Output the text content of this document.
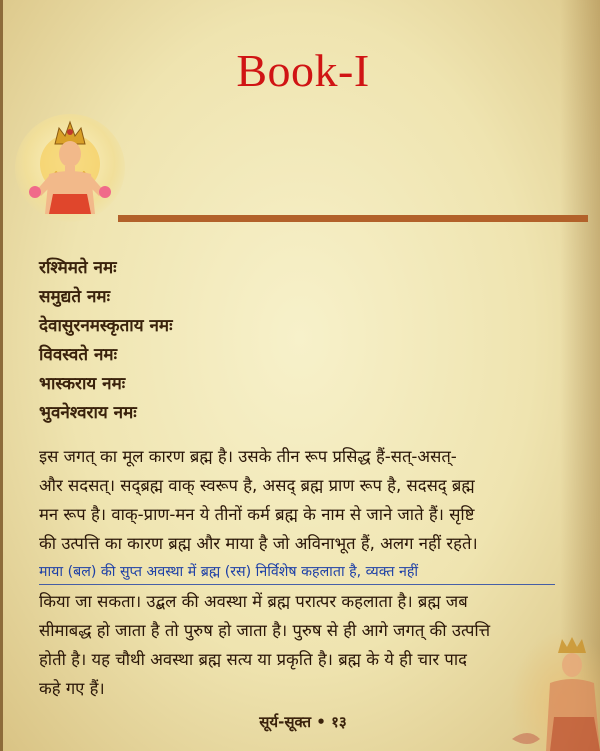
Book-I
रश्मिमते नमः
समुद्यते नमः
देवासुरनमस्कृताय नमः
विवस्वते नमः
भास्कराय नमः
भुवनेश्वराय नमः
इस जगत् का मूल कारण ब्रह्म है। उसके तीन रूप प्रसिद्ध हैं-सत्-असत्-
और सदसत्। सद्ब्रह्म वाक् स्वरूप है, असद् ब्रह्म प्राण रूप है, सदसद् ब्रह्म
मन रूप है। वाक्-प्राण-मन ये तीनों कर्म ब्रह्म के नाम से जाने जाते हैं। सृष्टि
की उत्पत्ति का कारण ब्रह्म और माया है जो अविनाभूत हैं, अलग नहीं रहते।
माया (बल) की सुप्त अवस्था में ब्रह्म (रस) निर्विशेष कहलाता है, व्यक्त नहीं
किया जा सकता। उद्बल की अवस्था में ब्रह्म परात्पर कहलाता है। ब्रह्म जब
सीमाबद्ध हो जाता है तो पुरुष हो जाता है। पुरुष से ही आगे जगत् की उत्पत्ति
होती है। यह चौथी अवस्था ब्रह्म सत्य या प्रकृति है। ब्रह्म के ये ही चार पाद
कहे गए हैं।
सूर्य-सूक्त • १३
